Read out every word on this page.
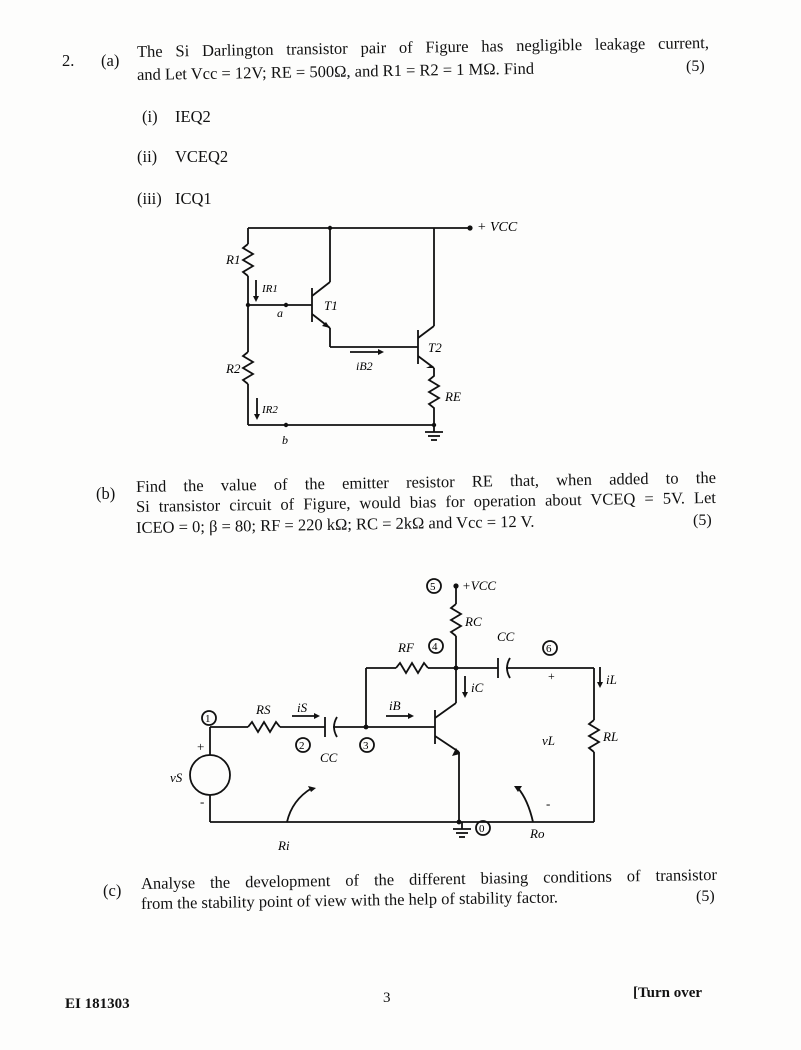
2. (a) The Si Darlington transistor pair of Figure has negligible leakage current,
and Let Vcc = 12V; RE = 500Ω, and R1 = R2 = 1 MΩ. Find	(5)
(i) IEQ2
(ii) VCEQ2
(iii) ICQ1
+ VCC
R1
IR1
a	T1
T2
iB2
R2
IR2
RE
b
(b) Find the value of the emitter resistor RE that, when added to the
Si transistor circuit of Figure, would bias for operation about VCEQ = 5V. Let
ICEO = 0; β = 80; RF = 220 kΩ; RC = 2kΩ and Vcc = 12 V.	(5)
5
4	6
1
2	3
0
+VCC
RC
RF
CC
CC
RS iS	iB
iC
iL
RL
vL
vS
Ri
Ro
+
-
+
-
(c) Analyse the development of the different biasing conditions of transistor
from the stability point of view with the help of stability factor.	(5)
EI 181303	3	[Turn over
